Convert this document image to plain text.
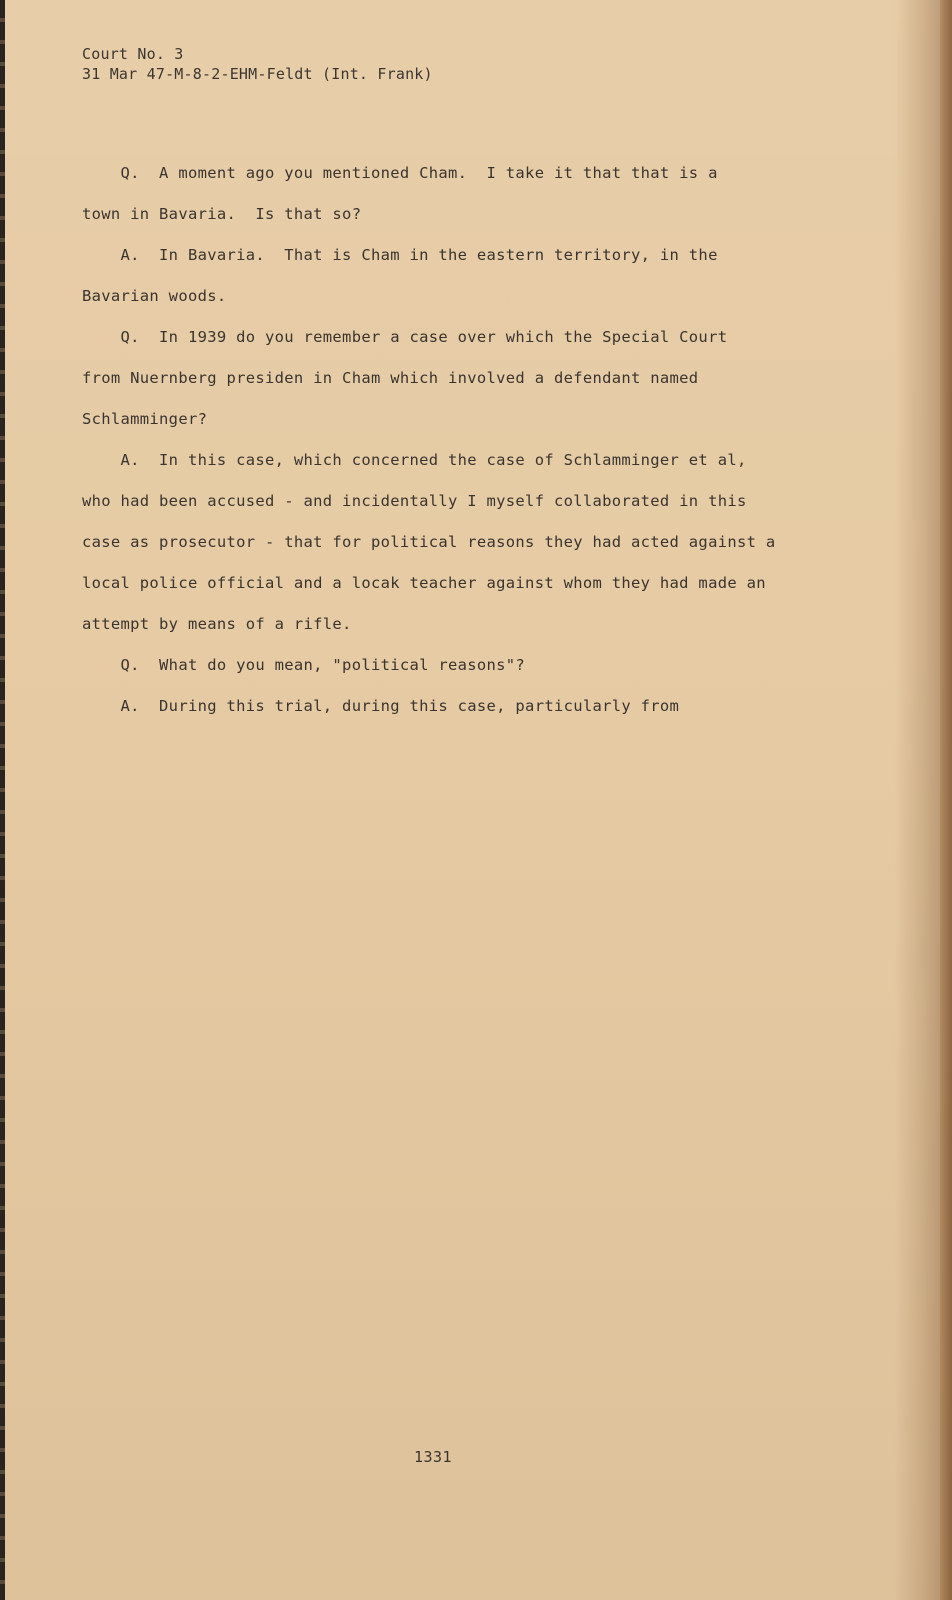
Court No. 3
31 Mar 47-M-8-2-EHM-Feldt (Int. Frank)
Q.  A moment ago you mentioned Cham.  I take it that that is a
town in Bavaria.  Is that so?
A.  In Bavaria.  That is Cham in the eastern territory, in the
Bavarian woods.
Q.  In 1939 do you remember a case over which the Special Court
from Nuernberg presiden in Cham which involved a defendant named
Schlamminger?
A.  In this case, which concerned the case of Schlamminger et al,
who had been accused - and incidentally I myself collaborated in this
case as prosecutor - that for political reasons they had acted against a
local police official and a locak teacher against whom they had made an
attempt by means of a rifle.
Q.  What do you mean, "political reasons"?
A.  During this trial, during this case, particularly from
1331
